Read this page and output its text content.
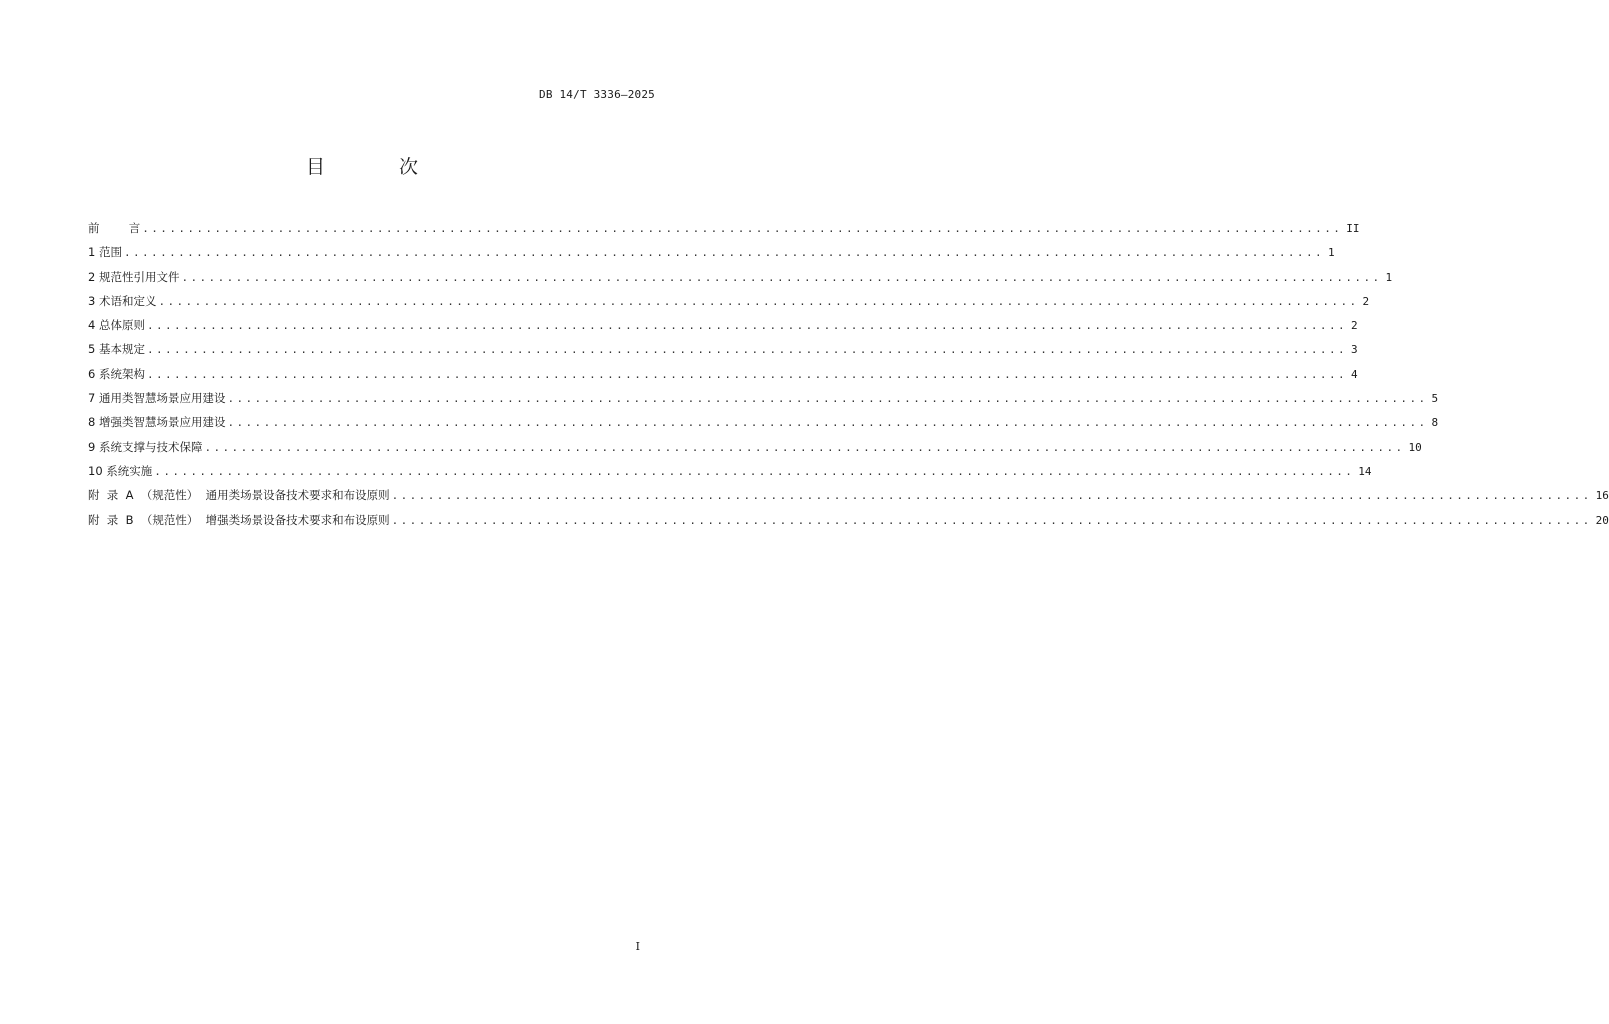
DB 14/T 3336—2025
目 次
前        言 ..................................................................................................................................... II
1 范围 ..................................................................................................................................... 1
2 规范性引用文件 ..................................................................................................................................... 1
3 术语和定义 ..................................................................................................................................... 2
4 总体原则 ..................................................................................................................................... 2
5 基本规定 ..................................................................................................................................... 3
6 系统架构 ..................................................................................................................................... 4
7 通用类智慧场景应用建设 ..................................................................................................................................... 5
8 增强类智慧场景应用建设 ..................................................................................................................................... 8
9 系统支撑与技术保障 ..................................................................................................................................... 10
10 系统实施 ..................................................................................................................................... 14
附  录  A  （规范性）  通用类场景设备技术要求和布设原则 ..................................................................................................................................... 16
附  录  B  （规范性）  增强类场景设备技术要求和布设原则 ..................................................................................................................................... 20
I
